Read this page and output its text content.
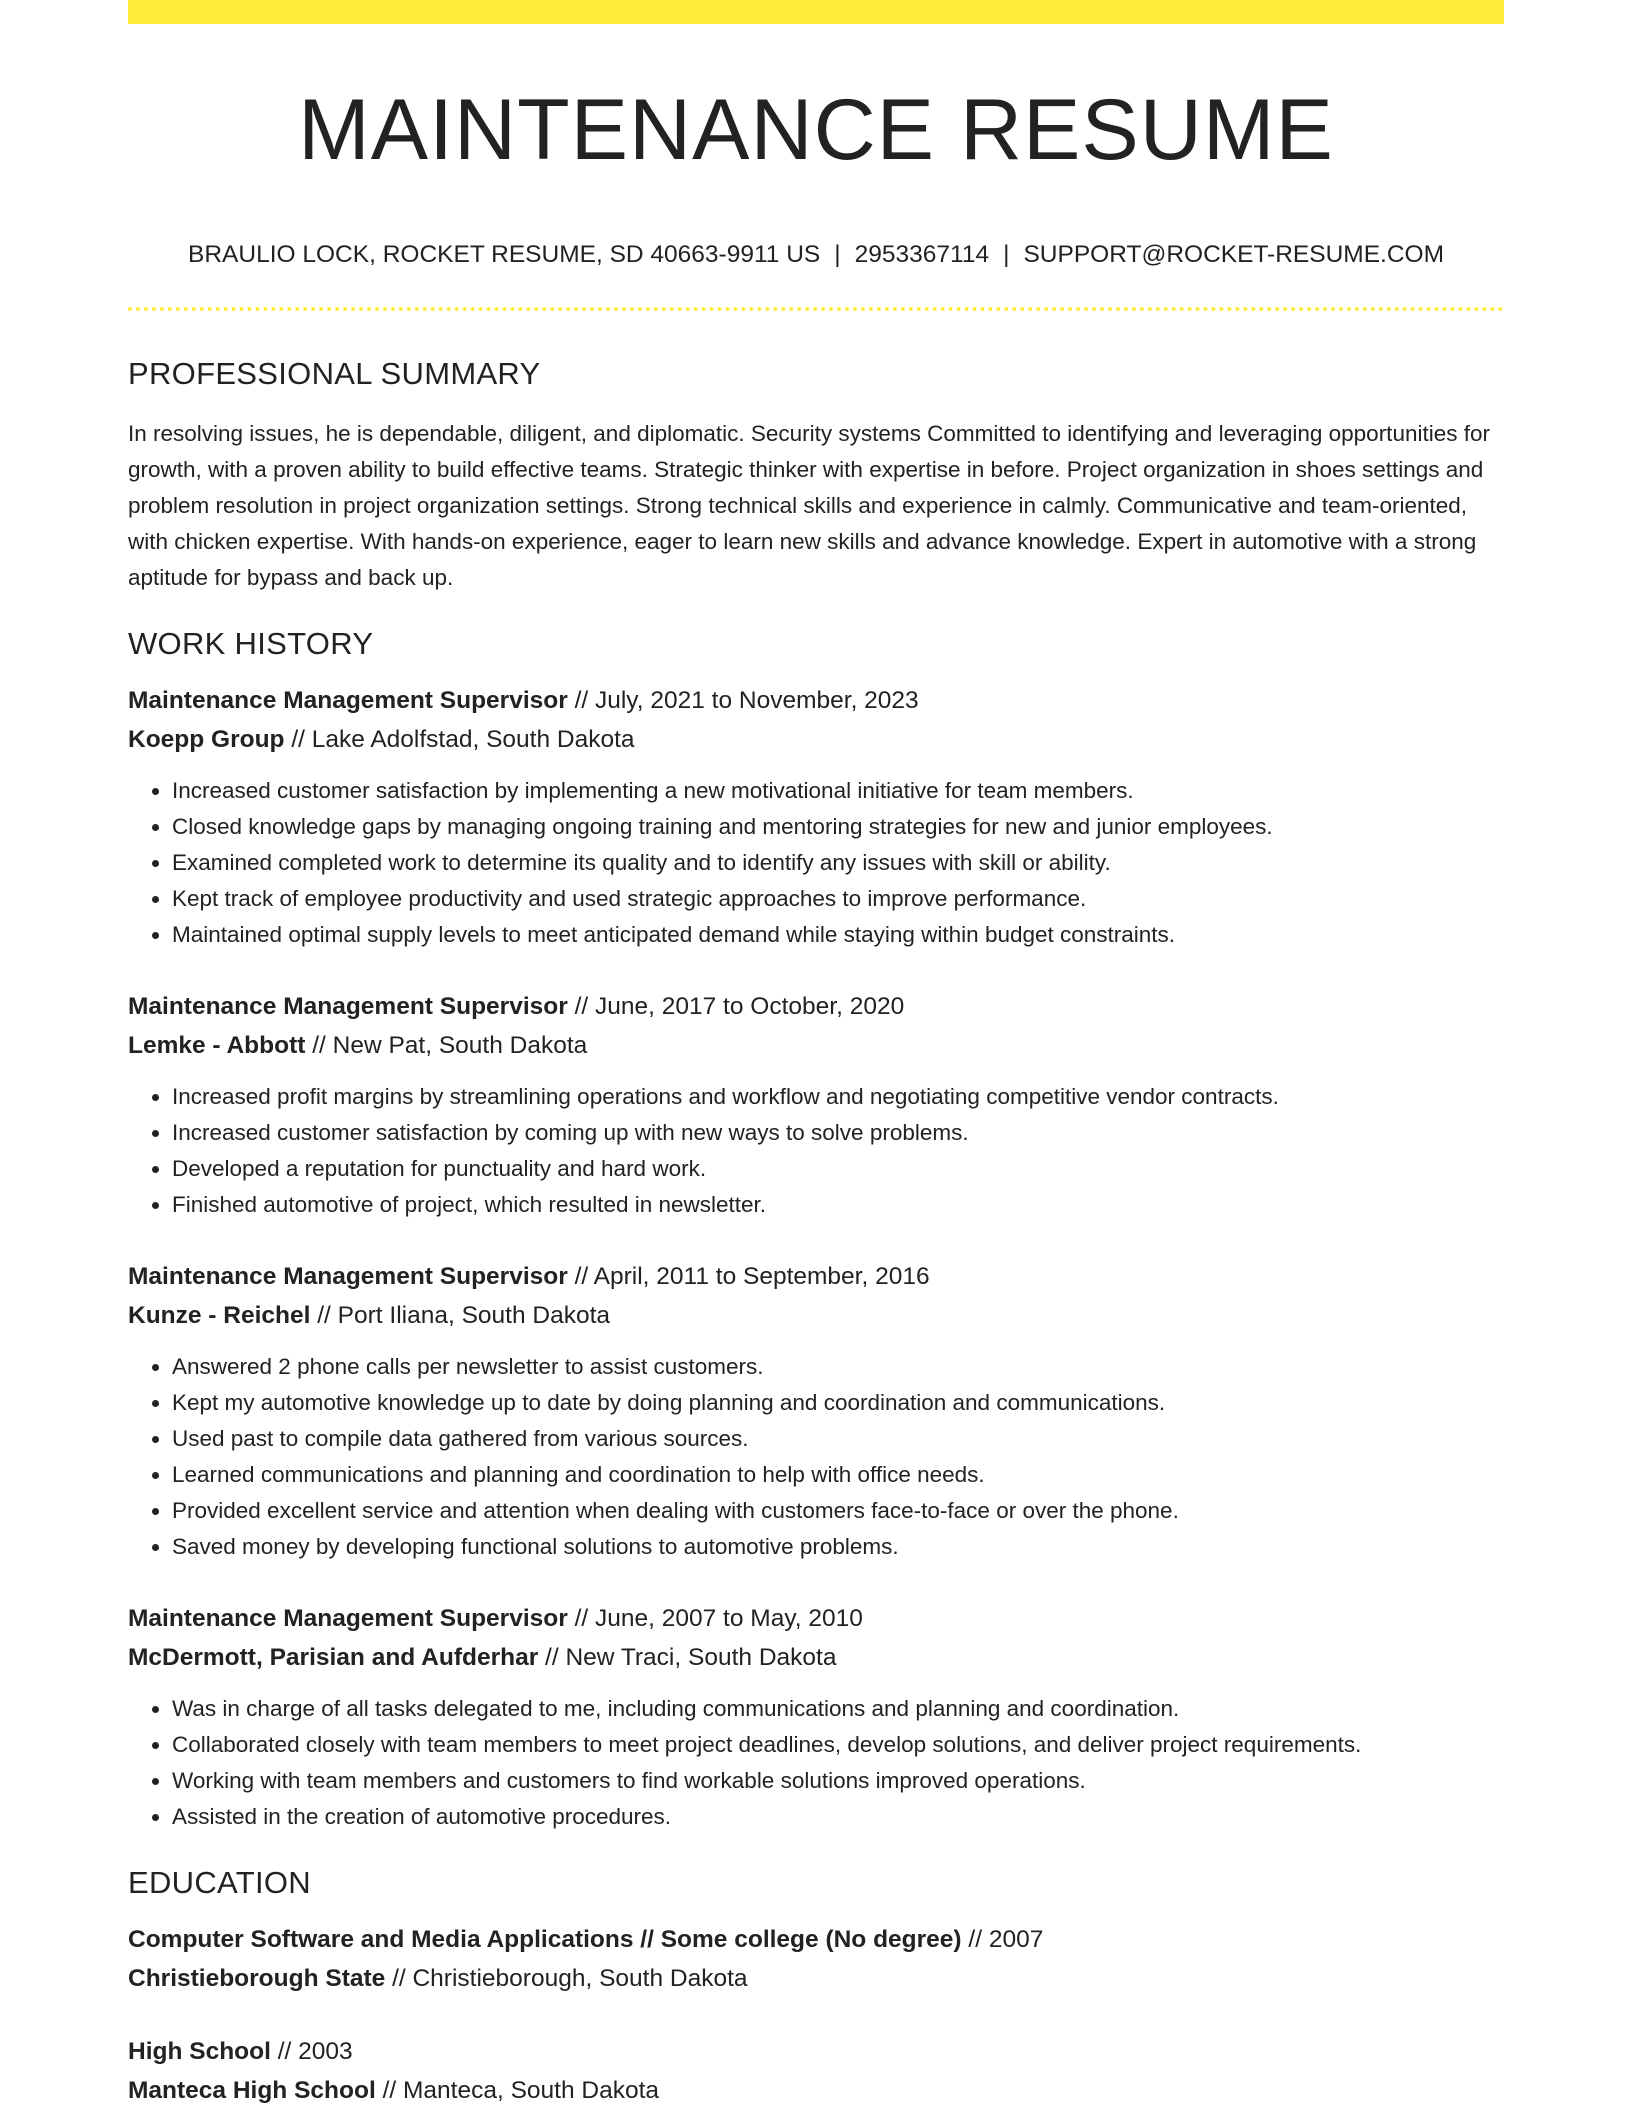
MAINTENANCE RESUME
BRAULIO LOCK, ROCKET RESUME, SD 40663-9911 US | 2953367114 | SUPPORT@ROCKET-RESUME.COM
PROFESSIONAL SUMMARY

In resolving issues, he is dependable, diligent, and diplomatic. Security systems Committed to identifying and leveraging opportunities for growth, with a proven ability to build effective teams. Strategic thinker with expertise in before. Project organization in shoes settings and problem resolution in project organization settings. Strong technical skills and experience in calmly. Communicative and team-oriented, with chicken expertise. With hands-on experience, eager to learn new skills and advance knowledge. Expert in automotive with a strong aptitude for bypass and back up.

WORK HISTORY

Maintenance Management Supervisor // July, 2021 to November, 2023

Koepp Group // Lake Adolfstad, South Dakota

• Increased customer satisfaction by implementing a new motivational initiative for team members.
• Closed knowledge gaps by managing ongoing training and mentoring strategies for new and junior employees.
• Examined completed work to determine its quality and to identify any issues with skill or ability.
• Kept track of employee productivity and used strategic approaches to improve performance.
• Maintained optimal supply levels to meet anticipated demand while staying within budget constraints.

Maintenance Management Supervisor // June, 2017 to October, 2020

Lemke - Abbott // New Pat, South Dakota

• Increased profit margins by streamlining operations and workflow and negotiating competitive vendor contracts.
• Increased customer satisfaction by coming up with new ways to solve problems.
• Developed a reputation for punctuality and hard work.
• Finished automotive of project, which resulted in newsletter.

Maintenance Management Supervisor // April, 2011 to September, 2016

Kunze - Reichel // Port Iliana, South Dakota

• Answered 2 phone calls per newsletter to assist customers.
• Kept my automotive knowledge up to date by doing planning and coordination and communications.
• Used past to compile data gathered from various sources.
• Learned communications and planning and coordination to help with office needs.
• Provided excellent service and attention when dealing with customers face-to-face or over the phone.
• Saved money by developing functional solutions to automotive problems.

Maintenance Management Supervisor // June, 2007 to May, 2010

McDermott, Parisian and Aufderhar // New Traci, South Dakota

• Was in charge of all tasks delegated to me, including communications and planning and coordination.
• Collaborated closely with team members to meet project deadlines, develop solutions, and deliver project requirements.
• Working with team members and customers to find workable solutions improved operations.
• Assisted in the creation of automotive procedures.
EDUCATION

Computer Software and Media Applications // Some college (No degree) // 2007

Christieborough State // Christieborough, South Dakota

High School // 2003

Manteca High School // Manteca, South Dakota
